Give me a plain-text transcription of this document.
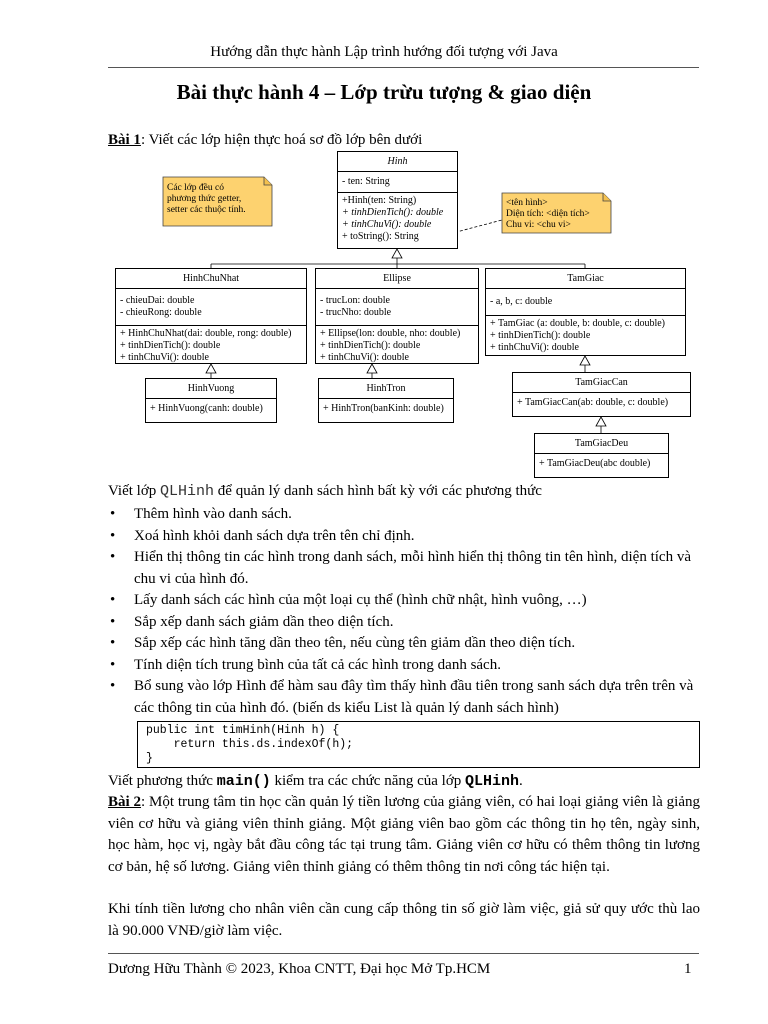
Hướng dẫn thực hành Lập trình hướng đối tượng với Java
Bài thực hành 4 – Lớp trừu tượng & giao diện
Bài 1: Viết các lớp hiện thực hoá sơ đồ lớp bên dưới
Các lớp đều có
phương thức getter,
setter các thuộc tính.
<tên hình>
Diện tích: <diện tích>
Chu vi: <chu vi>
Hinh
- ten: String
+Hinh(ten: String)
+ tinhDienTich(): double
+ tinhChuVi(): double
+ toString(): String
HinhChuNhat
- chieuDai: double
- chieuRong: double
+ HinhChuNhat(dai: double, rong: double)
+ tinhDienTich(): double
+ tinhChuVi(): double
Ellipse
- trucLon: double
- trucNho: double
+ Ellipse(lon: double, nho: double)
+ tinhDienTich(): double
+ tinhChuVi(): double
TamGiac
- a, b, c: double
+ TamGiac (a: double, b: double, c: double)
+ tinhDienTich(): double
+ tinhChuVi(): double
HinhVuong
+ HinhVuong(canh: double)
HinhTron
+ HinhTron(banKinh: double)
TamGiacCan
+ TamGiacCan(ab: double, c: double)
TamGiacDeu
+ TamGiacDeu(abc double)
Viết lớp QLHinh để quản lý danh sách hình bất kỳ với các phương thức
• Thêm hình vào danh sách.
• Xoá hình khỏi danh sách dựa trên tên chỉ định.
• Hiển thị thông tin các hình trong danh sách, mỗi hình hiển thị thông tin tên hình, diện tích và chu vi của hình đó.
• Lấy danh sách các hình của một loại cụ thể (hình chữ nhật, hình vuông, …)
• Sắp xếp danh sách giảm dần theo diện tích.
• Sắp xếp các hình tăng dần theo tên, nếu cùng tên giảm dần theo diện tích.
• Tính diện tích trung bình của tất cả các hình trong danh sách.
• Bổ sung vào lớp Hình để hàm sau đây tìm thấy hình đầu tiên trong sanh sách dựa trên trên và các thông tin của hình đó. (biến ds kiểu List là quản lý danh sách hình)
public int timHinh(Hinh h) {
return this.ds.indexOf(h);
}
Viết phương thức main() kiểm tra các chức năng của lớp QLHinh.
Bài 2: Một trung tâm tin học cần quản lý tiền lương của giảng viên, có hai loại giảng viên là giảng viên cơ hữu và giảng viên thỉnh giảng. Một giảng viên bao gồm các thông tin họ tên, ngày sinh, học hàm, học vị, ngày bắt đầu công tác tại trung tâm. Giảng viên cơ hữu có thêm thông tin lương cơ bản, hệ số lương. Giảng viên thỉnh giảng có thêm thông tin nơi công tác hiện tại.
Khi tính tiền lương cho nhân viên cần cung cấp thông tin số giờ làm việc, giả sử quy ước thù lao là 90.000 VNĐ/giờ làm việc.
Dương Hữu Thành © 2023, Khoa CNTT, Đại học Mở Tp.HCM	1
